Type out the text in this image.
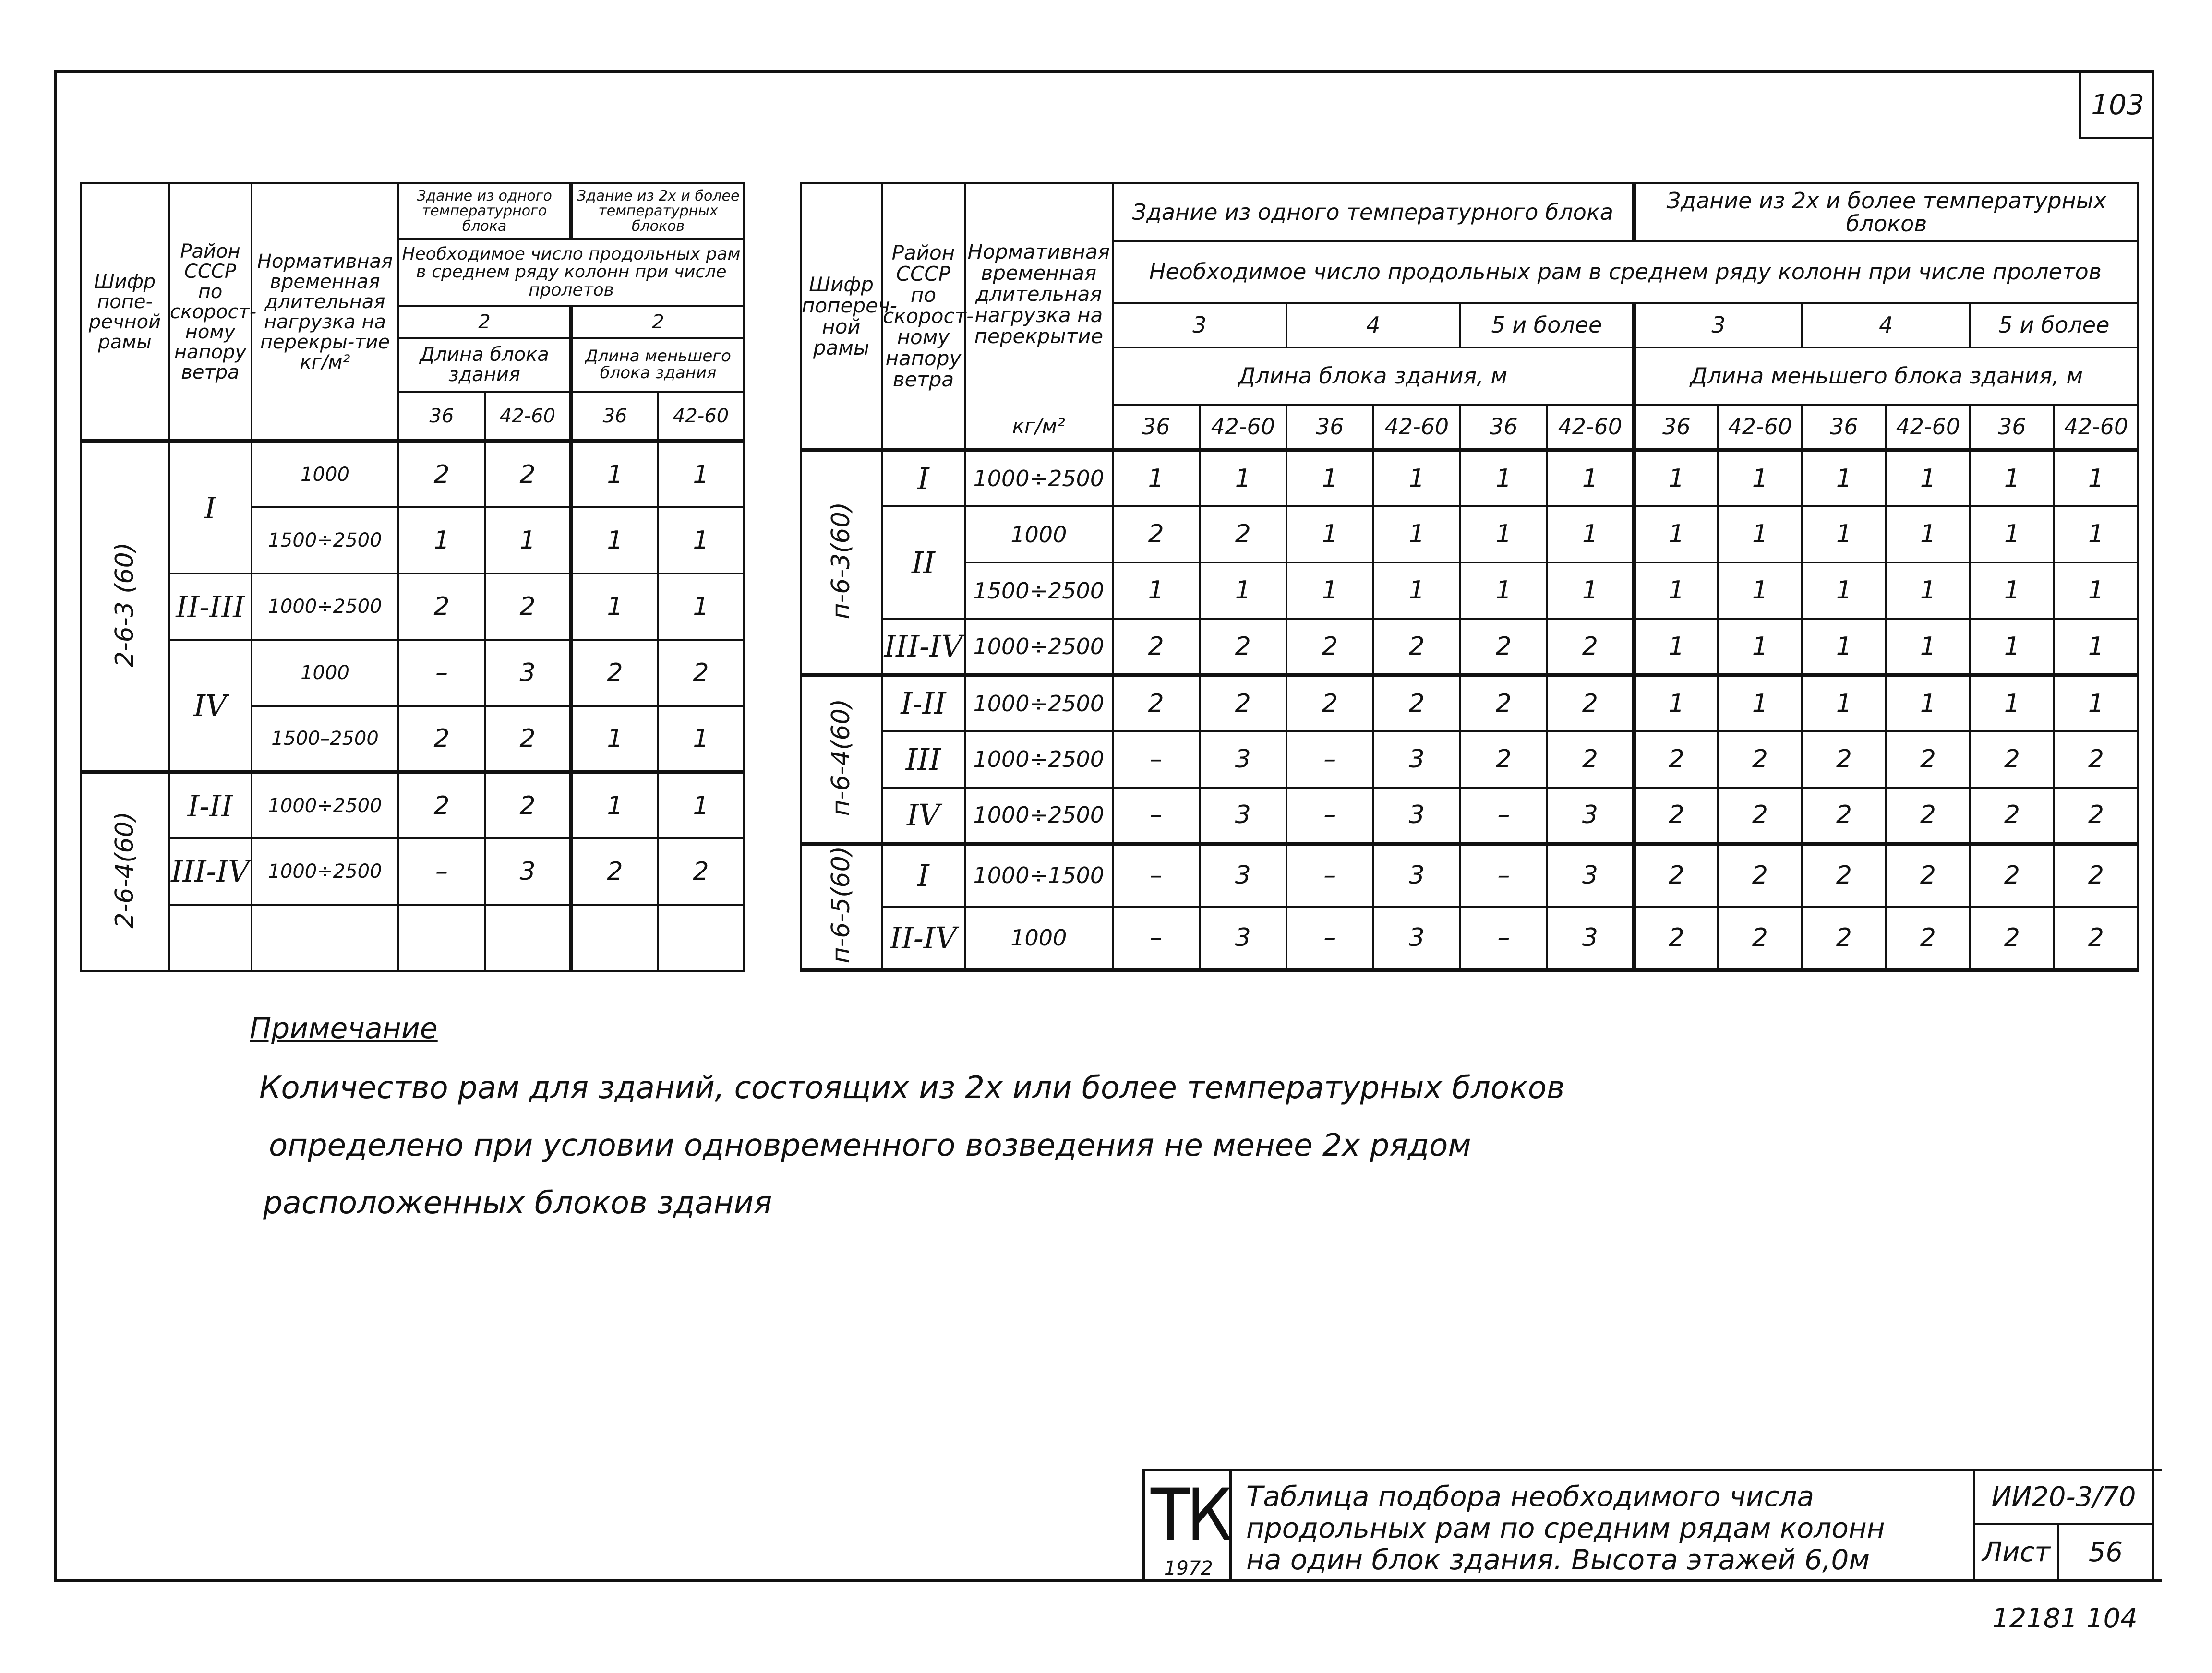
103
Шифр попе-речной рамы	Район СССР по скорост-ному напору ветра	Нормативная временная длительная нагрузка на перекры-тие кг/м²	Здание из одного температурного блока		Здание из 2х и более температурных блоков	
			Необходимое число продольных рам в среднем ряду колонн при числе пролетов			
			2		2	
			Длина блока здания		Длина меньшего блока здания	
			36	42-60	36	42-60
2-6-3 (60)	I	1000	2	2	1	1
		1500÷2500	1	1	1	1
	II-III	1000÷2500	2	2	1	1
	IV	1000	–	3	2	2
		1500–2500	2	2	1	1
2-6-4(60)	I-II	1000÷2500	2	2	1	1
	III-IV	1000÷2500	–	3	2	2

Шифр попереч-ной рамы	Район СССР по скорост-ному напору ветра	Нормативная временная длительная нагрузка на перекрытие	Здание из одного температурного блока						Здание из 2х и более температурных блоков					
			Необходимое число продольных рам в среднем ряду колонн при числе пролетов											
			3		4		5 и более		3		4		5 и более	
			Длина блока здания, м						Длина меньшего блока здания, м					
		кг/м²	36	42-60	36	42-60	36	42-60	36	42-60	36	42-60	36	42-60
п-6-3(60)	I	1000÷2500	1	1	1	1	1	1	1	1	1	1	1	1
	II	1000	2	2	1	1	1	1	1	1	1	1	1	1
		1500÷2500	1	1	1	1	1	1	1	1	1	1	1	1
	III-IV	1000÷2500	2	2	2	2	2	2	1	1	1	1	1	1
п-6-4(60)	I-II	1000÷2500	2	2	2	2	2	2	1	1	1	1	1	1
	III	1000÷2500	–	3	–	3	2	2	2	2	2	2	2	2
	IV	1000÷2500	–	3	–	3	–	3	2	2	2	2	2	2
п-6-5(60)	I	1000÷1500	–	3	–	3	–	3	2	2	2	2	2	2
	II-IV	1000	–	3	–	3	–	3	2	2	2	2	2	2
Примечание
Количество рам для зданий, состоящих из 2х или более температурных блоков
определено при условии одновременного возведения не менее 2х рядом
расположенных блоков здания
ТК
1972
Таблица подбора необходимого числа продольных рам по средним рядам колонн на один блок здания. Высота этажей 6,0м
ИИ20-3/70
Лист	56
12181 104
